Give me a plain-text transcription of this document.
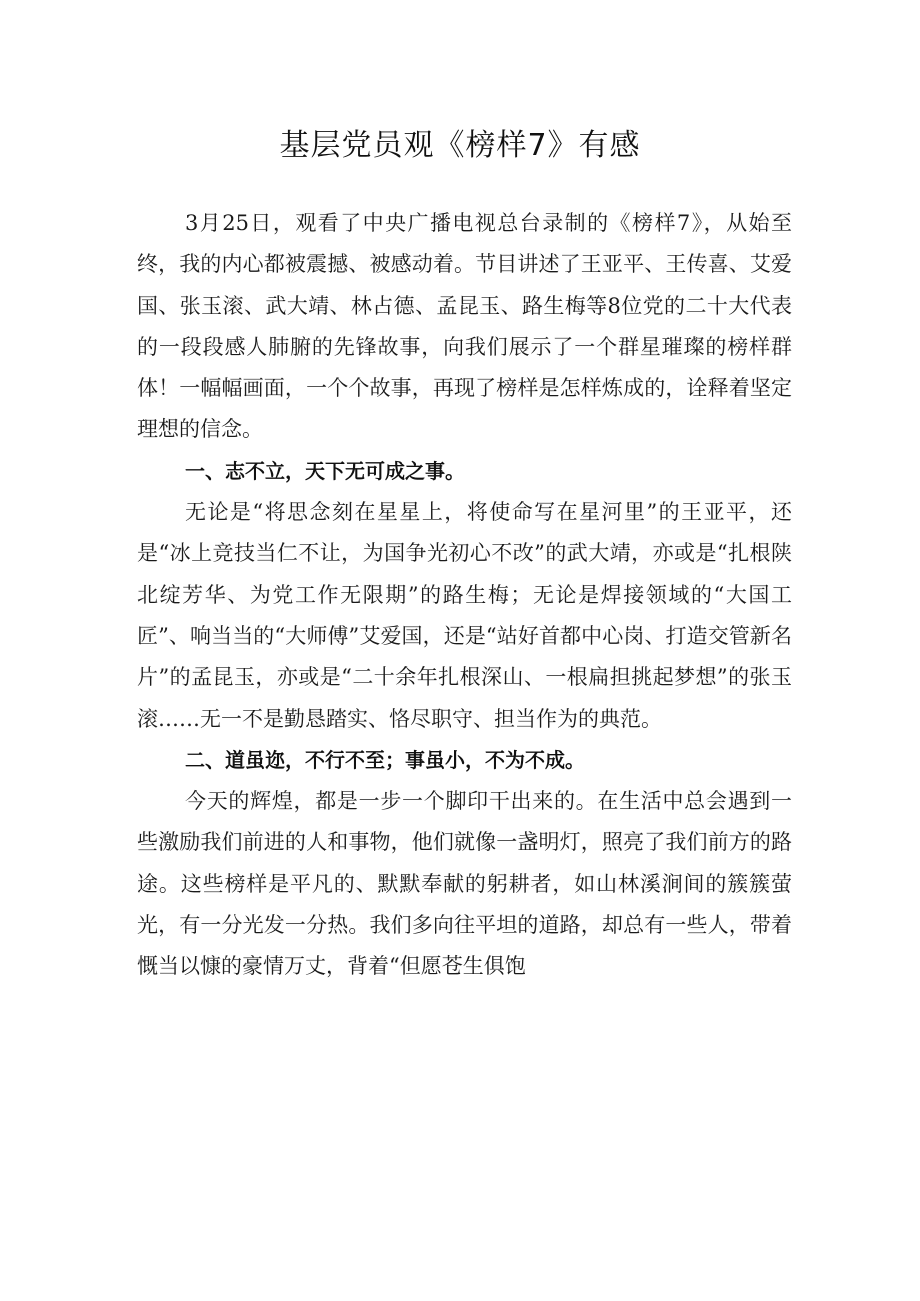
基层党员观《榜样7》有感

3月25日，观看了中央广播电视总台录制的《榜样7》，从始至终，我的内心都被震撼、被感动着。节目讲述了王亚平、王传喜、艾爱国、张玉滚、武大靖、林占德、孟昆玉、路生梅等8位党的二十大代表的一段段感人肺腑的先锋故事，向我们展示了一个群星璀璨的榜样群体！一幅幅画面，一个个故事，再现了榜样是怎样炼成的，诠释着坚定理想的信念。

一、志不立，天下无可成之事。

无论是“将思念刻在星星上，将使命写在星河里”的王亚平，还是“冰上竞技当仁不让，为国争光初心不改”的武大靖，亦或是“扎根陕北绽芳华、为党工作无限期”的路生梅；无论是焊接领域的“大国工匠”、响当当的“大师傅”艾爱国，还是“站好首都中心岗、打造交管新名片”的孟昆玉，亦或是“二十余年扎根深山、一根扁担挑起梦想”的张玉滚……无一不是勤恳踏实、恪尽职守、担当作为的典范。

二、道虽迩，不行不至；事虽小，不为不成。

今天的辉煌，都是一步一个脚印干出来的。在生活中总会遇到一些激励我们前进的人和事物，他们就像一盏明灯，照亮了我们前方的路途。这些榜样是平凡的、默默奉献的躬耕者，如山林溪涧间的簇簇萤光，有一分光发一分热。我们多向往平坦的道路，却总有一些人，带着慨当以慷的豪情万丈，背着“但愿苍生俱饱
